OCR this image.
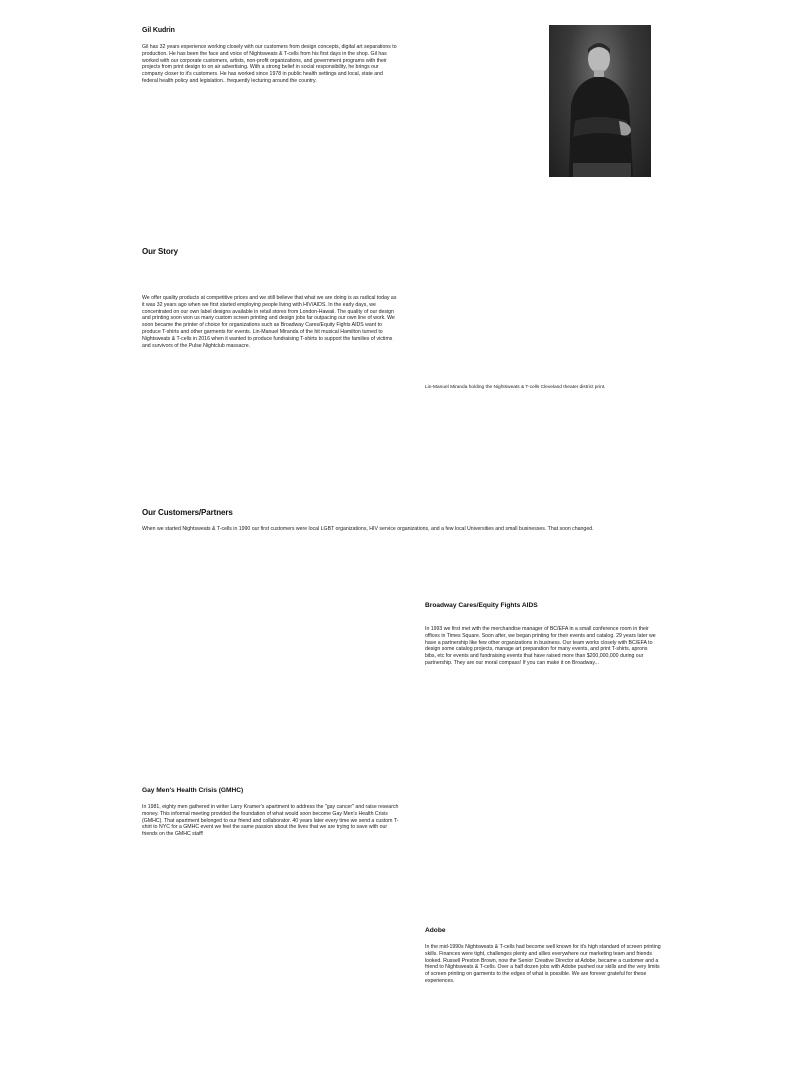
Gil Kudrin

Gil has 32 years experience working closely with our customers from design concepts, digital art separations to production. He has been the face and voice of Nightsweats & T-cells from his first days in the shop. Gil has worked with our corporate customers, artists, non-profit organizations, and government programs with their projects from print design to on air advertising. With a strong belief in social responsibility, he brings our company closer to it's customers. He has worked since 1978 in public health settings and local, state and federal health policy and legislation.. frequently lecturing around the country.

Our Story

We offer quality products at competitive prices and we still believe that what we are doing is as radical today as it was 32 years ago when we first started employing people living with HIV/AIDS. In the early days, we concentrated on our own label designs available in retail stores from London-Hawaii. The quality of our design and printing soon won us many custom screen printing and design jobs far outpacing our own line of work. We soon became the printer of choice for organizations such as Broadway Cares/Equity Fights AIDS want to produce T-shirts and other garments for events. Lin-Manuel Miranda of the hit musical Hamilton turned to Nightsweats & T-cells in 2016 when it wanted to produce fundraising T-shirts to support the families of victims and survivors of the Pulse Nightclub massacre.

Lin-Manuel Miranda holding the Nightsweats & T-cells Cleveland theater district print.

Our Customers/Partners

When we started Nightsweats & T-cells in 1990 our first customers were local LGBT organizations, HIV service organizations, and a few local Universities and small businesses. That soon changed.

Broadway Cares/Equity Fights AIDS

In 1993 we first met with the merchandise manager of BC/EFA in a small conference room in their offices in Times Square. Soon after, we began printing for their events and catalog. 29 years later we have a partnership like few other organizations in business. Our team works closely with BC/EFA to design some catalog projects, manage art preparation for many events, and print T-shirts, aprons bibs, etc for events and fundraising events that have raised more than $200,000,000 during our partnership. They are our moral compass! If you can make it on Broadway...

Gay Men's Health Crisis (GMHC)

In 1981, eighty men gathered in writer Larry Kramer's apartment to address the "gay cancer" and raise research money. This informal meeting provided the foundation of what would soon become Gay Men's Health Crisis (GMHC). That apartment belonged to our friend and collaborator. 40 years later every time we send a custom T-shirt to NYC for a GMHC event we feel the same passion about the lives that we are trying to save with our friends on the GMHC staff!

Adobe

In the mid-1990s Nightsweats & T-cells had become well known for it's high standard of screen printing skills. Finances were tight, challenges plenty and allies everywhere our marketing team and friends looked. Russell Preston Brown, now the Senior Creative Director at Adobe, became a customer and a friend to Nightsweats & T-cells. Over a half dozen jobs with Adobe pushed our skills and the very limits of screen printing on garments to the edges of what is possible. We are forever grateful for these experiences.
